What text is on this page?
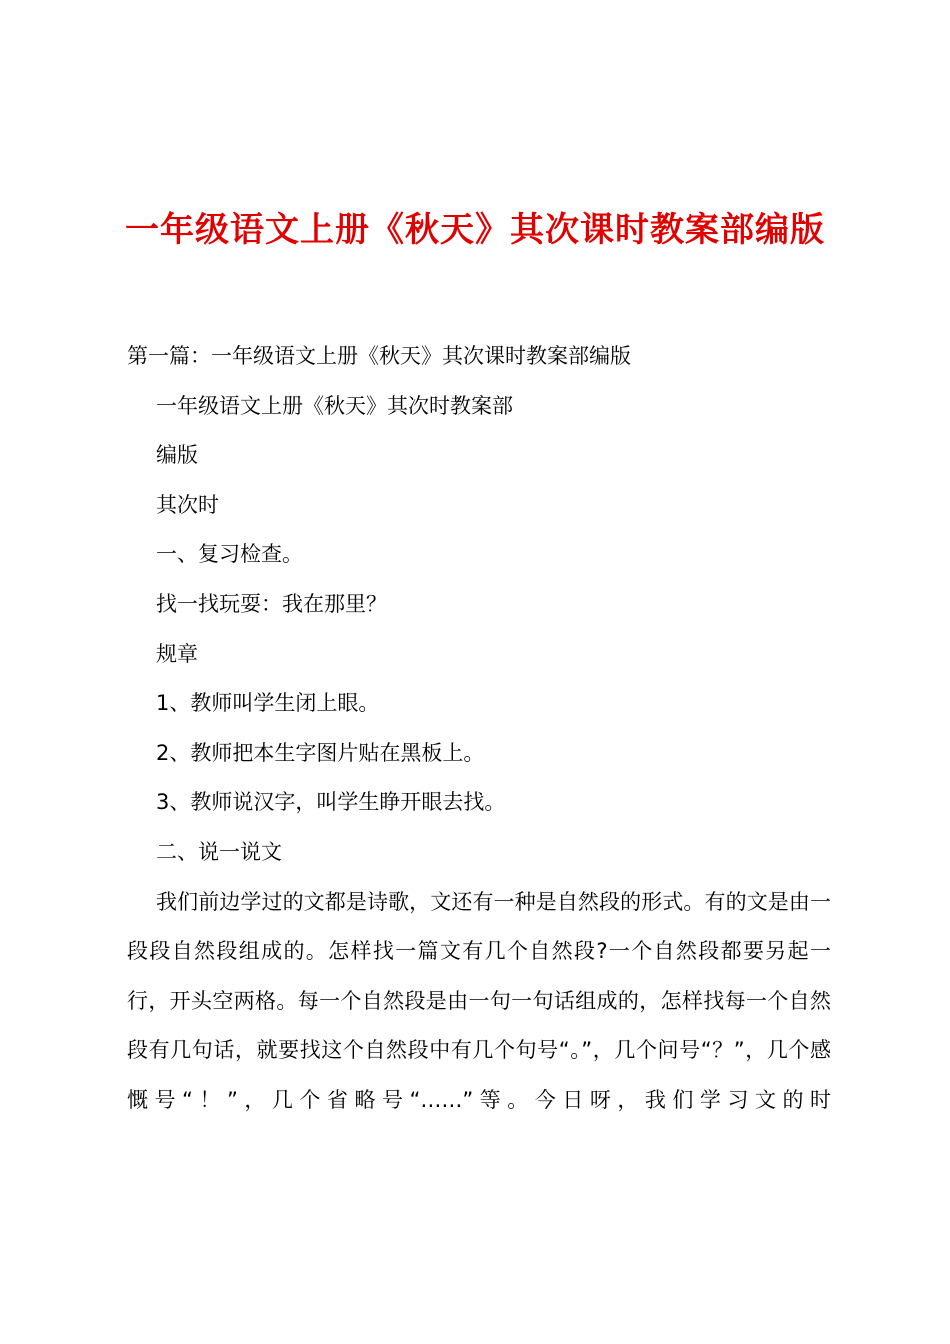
一年级语文上册《秋天》其次课时教案部编版

第一篇：一年级语文上册《秋天》其次课时教案部编版

一年级语文上册《秋天》其次时教案部

编版

其次时

一、复习检查。

找一找玩耍：我在那里？

规章

1、教师叫学生闭上眼。

2、教师把本生字图片贴在黑板上。

3、教师说汉字，叫学生睁开眼去找。

二、说一说文

我们前边学过的文都是诗歌，文还有一种是自然段的形式。有的文是由一段段自然段组成的。怎样找一篇文有几个自然段?一个自然段都要另起一行，开头空两格。每一个自然段是由一句一句话组成的，怎样找每一个自然段有几句话，就要找这个自然段中有几个句号“。”，几个问号“？”，几个感慨号“！”，几个省略号“……”等。今日呀，我们学习文的时
